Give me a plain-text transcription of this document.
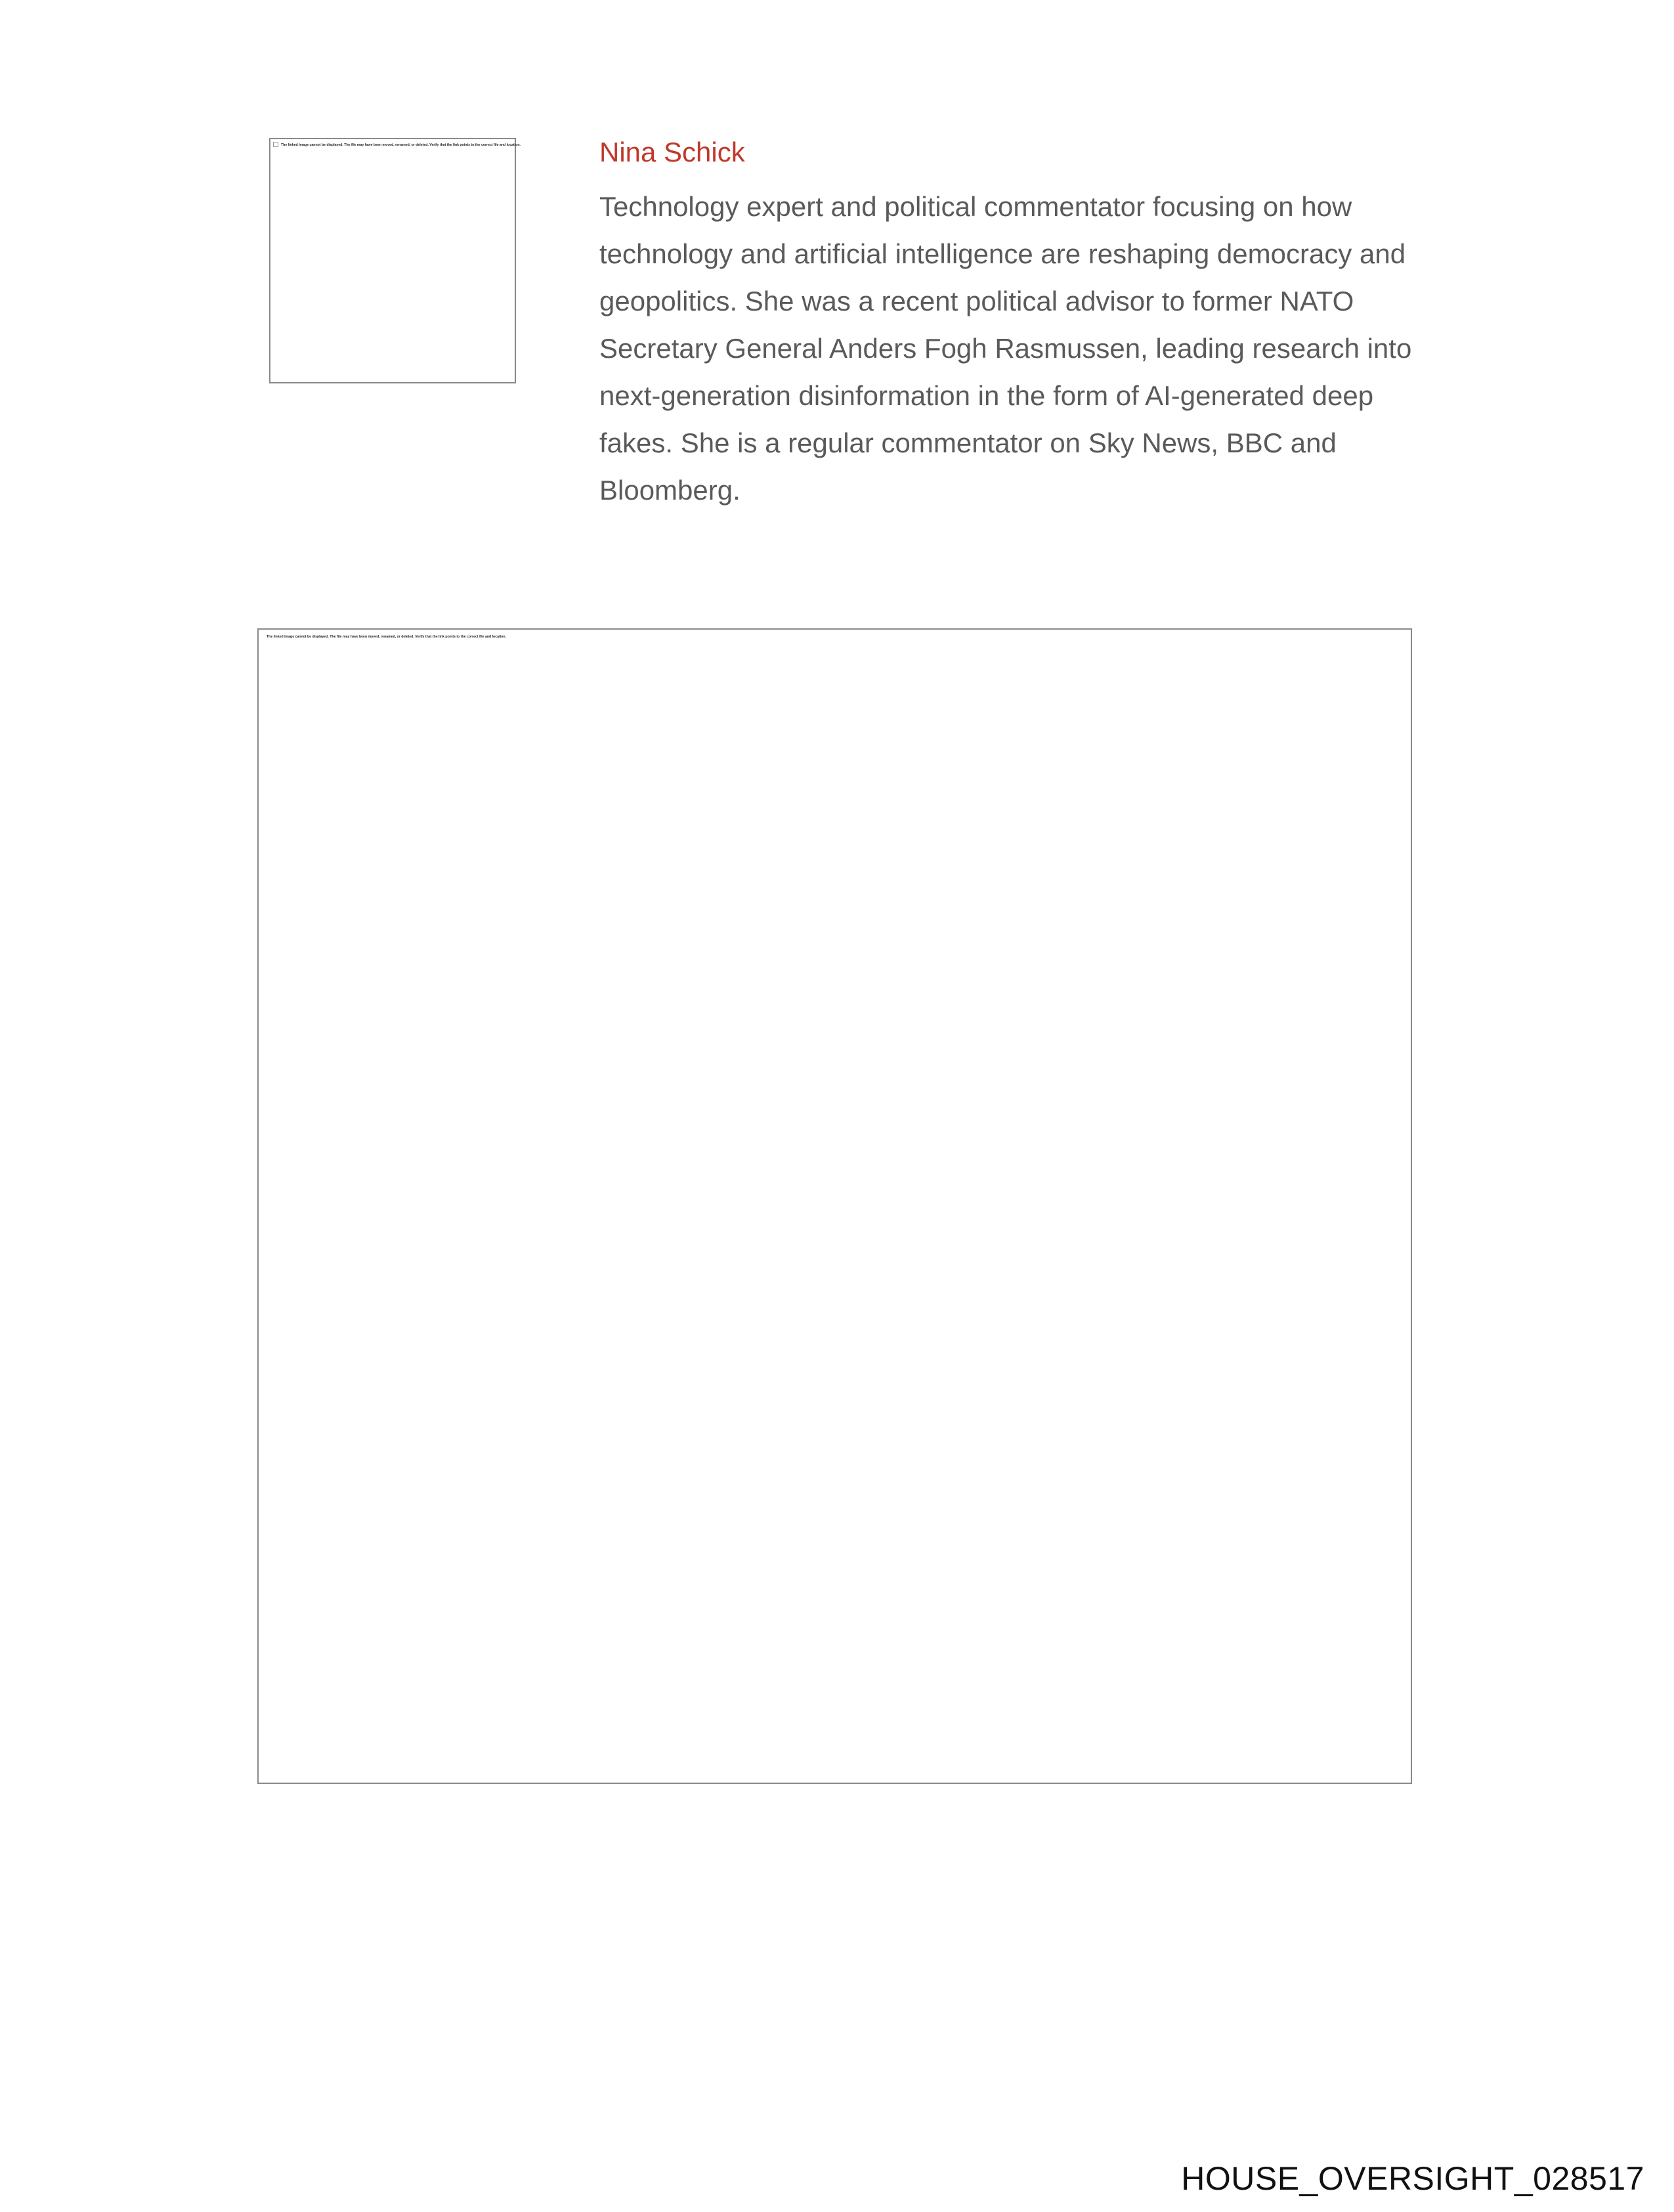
The linked image cannot be displayed. The file may have been moved, renamed, or deleted. Verify that the link points to the correct file and location.	Nina Schick

Technology expert and political commentator focusing on how
technology and artificial intelligence are reshaping democracy and
geopolitics. She was a recent political advisor to former NATO
Secretary General Anders Fogh Rasmussen, leading research into
next-generation disinformation in the form of AI-generated deep
fakes. She is a regular commentator on Sky News, BBC and
Bloomberg.

The linked image cannot be displayed. The file may have been moved, renamed, or deleted. Verify that the link points to the correct file and location.
HOUSE_OVERSIGHT_028517
